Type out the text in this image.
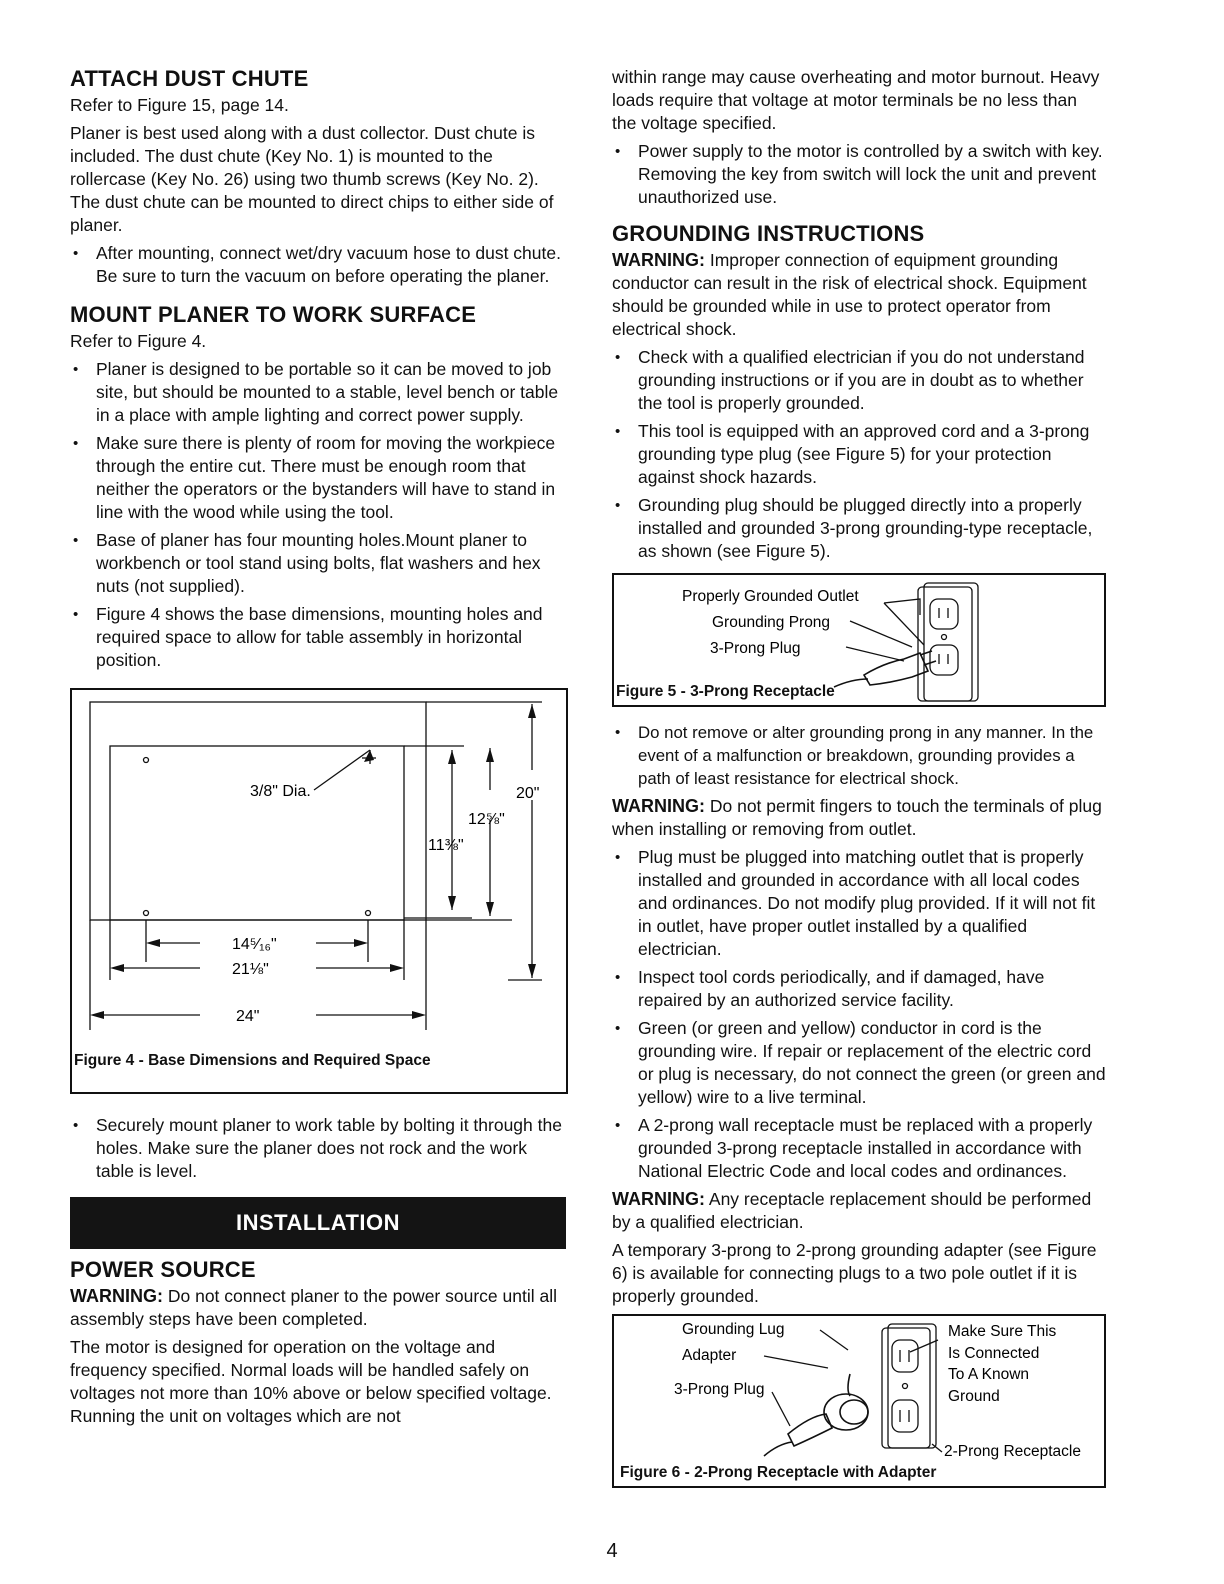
ATTACH DUST CHUTE

Refer to Figure 15, page 14.

Planer is best used along with a dust collector. Dust chute is included. The dust chute (Key No. 1) is mounted to the rollercase (Key No. 26) using two thumb screws (Key No. 2). The dust chute can be mounted to direct chips to either side of planer.

• After mounting, connect wet/dry vacuum hose to dust chute. Be sure to turn the vacuum on before operating the planer.
MOUNT PLANER TO WORK SURFACE

Refer to Figure 4.

• Planer is designed to be portable so it can be moved to job site, but should be mounted to a stable, level bench or table in a place with ample lighting and correct power supply.
• Make sure there is plenty of room for moving the workpiece through the entire cut. There must be enough room that neither the operators or the bystanders will have to stand in line with the wood while using the tool.
• Base of planer has four mounting holes.Mount planer to workbench or tool stand using bolts, flat washers and hex nuts (not supplied).
• Figure 4 shows the base dimensions, mounting holes and required space to allow for table assembly in horizontal position.
3/8" Dia.	20"
12⅝"
11⅜"
14⁵⁄₁₆"
21⅛"
24"
Figure 4 - Base Dimensions and Required Space
• Securely mount planer to work table by bolting it through the holes. Make sure the planer does not rock and the work table is level.
INSTALLATION
POWER SOURCE

WARNING: Do not connect planer to the power source until all assembly steps have been completed.

The motor is designed for operation on the voltage and frequency specified. Normal loads will be handled safely on voltages not more than 10% above or below specified voltage. Running the unit on voltages which are not

within range may cause overheating and motor burnout. Heavy loads require that voltage at motor terminals be no less than the voltage specified.

• Power supply to the motor is controlled by a switch with key. Removing the key from switch will lock the unit and prevent unauthorized use.
GROUNDING INSTRUCTIONS

WARNING: Improper connection of equipment grounding conductor can result in the risk of electrical shock. Equipment should be grounded while in use to protect operator from electrical shock.

• Check with a qualified electrician if you do not understand grounding instructions or if you are in doubt as to whether the tool is properly grounded.
• This tool is equipped with an approved cord and a 3-prong grounding type plug (see Figure 5) for your protection against shock hazards.
• Grounding plug should be plugged directly into a properly installed and grounded 3-prong grounding-type receptacle, as shown (see Figure 5).
Properly Grounded Outlet
Grounding Prong
3-Prong Plug
Figure 5 - 3-Prong Receptacle
• Do not remove or alter grounding prong in any manner. In the event of a malfunction or breakdown, grounding provides a path of least resistance for electrical shock.

WARNING: Do not permit fingers to touch the terminals of plug when installing or removing from outlet.

• Plug must be plugged into matching outlet that is properly installed and grounded in accordance with all local codes and ordinances. Do not modify plug provided. If it will not fit in outlet, have proper outlet installed by a qualified electrician.
• Inspect tool cords periodically, and if damaged, have repaired by an authorized service facility.
• Green (or green and yellow) conductor in cord is the grounding wire. If repair or replacement of the electric cord or plug is necessary, do not connect the green (or green and yellow) wire to a live terminal.
• A 2-prong wall receptacle must be replaced with a properly grounded 3-prong receptacle installed in accordance with National Electric Code and local codes and ordinances.

WARNING: Any receptacle replacement should be performed by a qualified electrician.

A temporary 3-prong to 2-prong grounding adapter (see Figure 6) is available for connecting plugs to a two pole outlet if it is properly grounded.

Grounding Lug
Adapter
3-Prong Plug
Make Sure This
Is Connected
To A Known
Ground
2-Prong Receptacle
Figure 6 - 2-Prong Receptacle with Adapter
4
